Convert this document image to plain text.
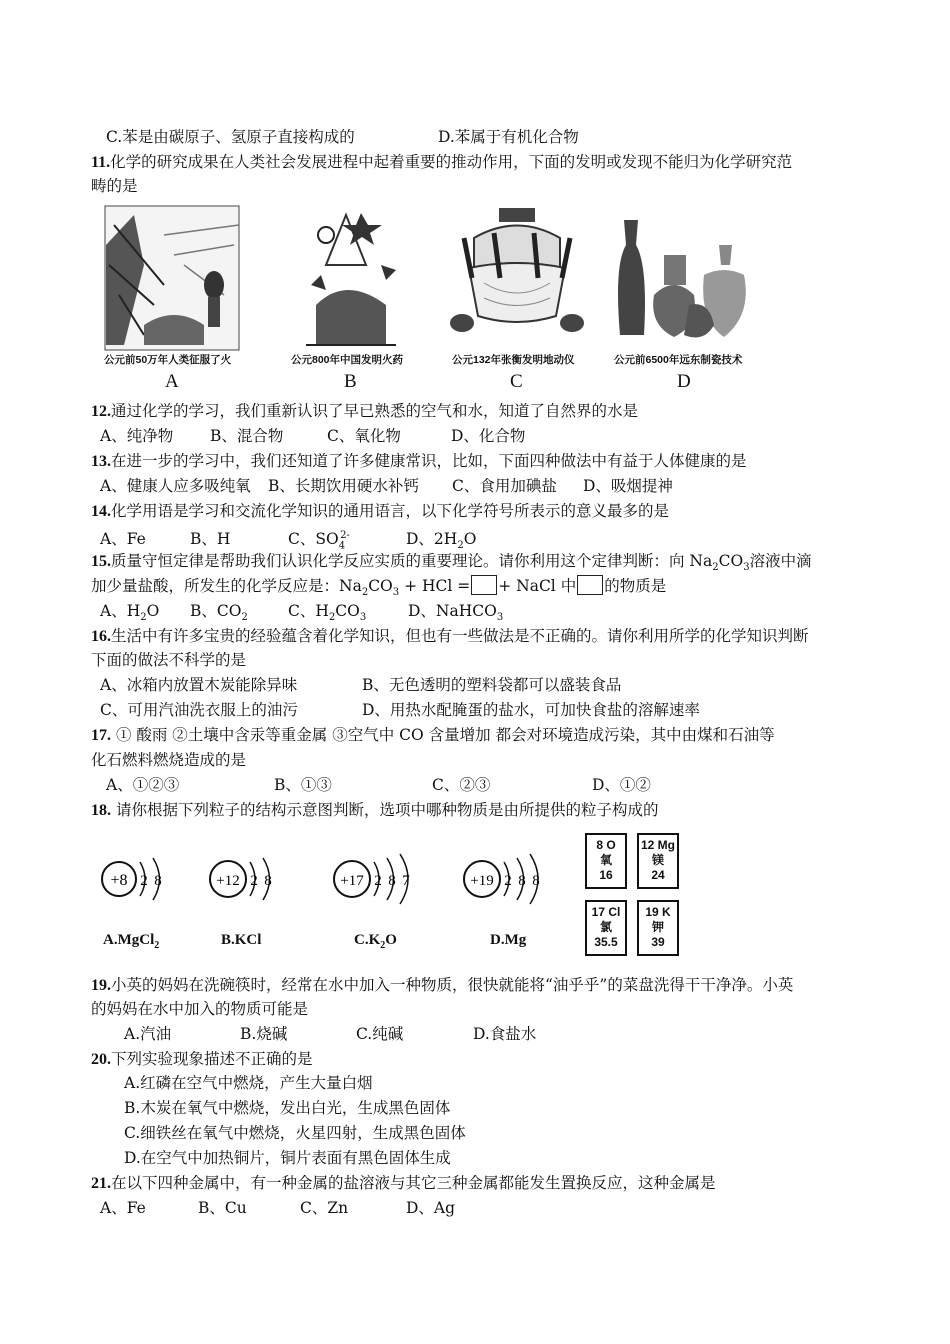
C.苯是由碳原子、氢原子直接构成的	D.苯属于有机化合物
11.化学的研究成果在人类社会发展进程中起着重要的推动作用，下面的发明或发现不能归为化学研究范
畴的是
公元前50万年人类征服了火	公元800年中国发明火药	公元132年张衡发明地动仪	公元前6500年远东制瓷技术
A	B	C	D
12.通过化学的学习，我们重新认识了早已熟悉的空气和水，知道了自然界的水是
A、纯净物 B、混合物	C、氧化物	D、化合物
13.在进一步的学习中，我们还知道了许多健康常识，比如，下面四种做法中有益于人体健康的是
A、健康人应多吸纯氧 B、长期饮用硬水补钙 C、食用加碘盐 D、吸烟提神
14.化学用语是学习和交流化学知识的通用语言，以下化学符号所表示的意义最多的是
A、Fe	B、H	C、$SO_4^{2-}$	D、$2H_2O$
15.质量守恒定律是帮助我们认识化学反应实质的重要理论。请你利用这个定律判断：向 $Na_2CO_3$溶液中滴
加少量盐酸，所发生的化学反应是：$Na_2CO_3$ + HCl = + NaCl 中 的物质是
A、$H_2O$ B、$CO_2$	C、$H_2CO_3$	D、NaHCO$_3$
16.生活中有许多宝贵的经验蕴含着化学知识，但也有一些做法是不正确的。请你利用所学的化学知识判断
下面的做法不科学的是
A、冰箱内放置木炭能除异味	B、无色透明的塑料袋都可以盛装食品
C、可用汽油洗衣服上的油污	D、用热水配腌蛋的盐水，可加快食盐的溶解速率
17. ① 酸雨 ②土壤中含汞等重金属 ③空气中 CO 含量增加 都会对环境造成污染，其中由煤和石油等
化石燃料燃烧造成的是
A、①②③	B、①③	C、②③	D、①②
18. 请你根据下列粒子的结构示意图判断，选项中哪种物质是由所提供的粒子构成的
+8 2 8	+12 2 8	+17 2 8 7	+19 2 8 8
A.MgCl$_2$	B.KCl	$C.K_2O$	D.Mg
8 O
氧
16
12 Mg
镁
24
17 Cl
氯
35.5
19 K
钾
39
19.小英的妈妈在洗碗筷时，经常在水中加入一种物质，很快就能将“油乎乎”的菜盘洗得干干净净。小英
的妈妈在水中加入的物质可能是
A.汽油	B.烧碱	C.纯碱	D.食盐水
20.下列实验现象描述不正确的是
A.红磷在空气中燃烧，产生大量白烟
B.木炭在氧气中燃烧，发出白光，生成黑色固体
C.细铁丝在氧气中燃烧，火星四射，生成黑色固体
D.在空气中加热铜片，铜片表面有黑色固体生成
21.在以下四种金属中，有一种金属的盐溶液与其它三种金属都能发生置换反应，这种金属是
A、Fe	B、Cu	C、Zn	D、Ag
